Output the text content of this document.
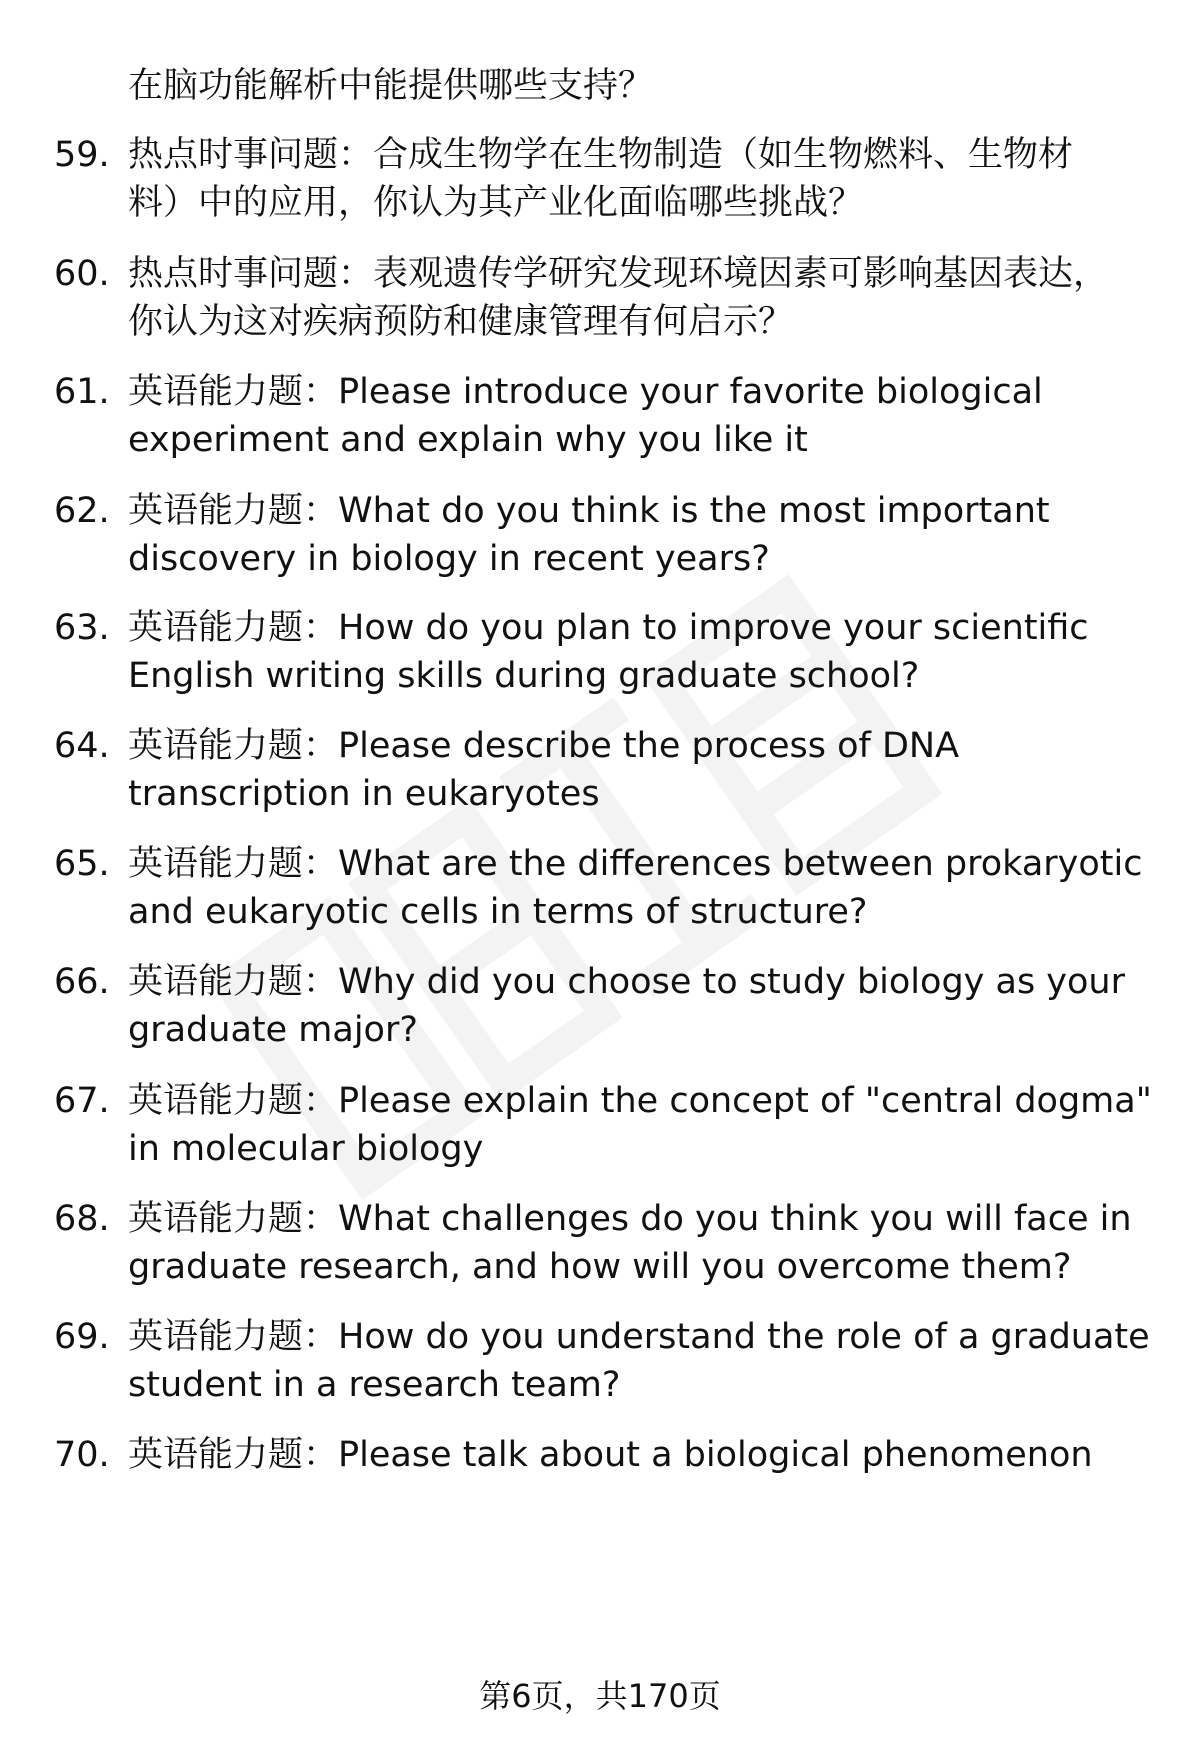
在脑功能解析中能提供哪些支持？
59. 热点时事问题：合成生物学在生物制造（如生物燃料、生物材
料）中的应用，你认为其产业化面临哪些挑战？
60. 热点时事问题：表观遗传学研究发现环境因素可影响基因表达，
你认为这对疾病预防和健康管理有何启示？
61. 英语能力题：Please introduce your favorite biological
experiment and explain why you like it
62. 英语能力题：What do you think is the most important
discovery in biology in recent years?
63. 英语能力题：How do you plan to improve your scientific
English writing skills during graduate school?
64. 英语能力题：Please describe the process of DNA
transcription in eukaryotes
65. 英语能力题：What are the differences between prokaryotic
and eukaryotic cells in terms of structure?
66. 英语能力题：Why did you choose to study biology as your
graduate major?
67. 英语能力题：Please explain the concept of "central dogma"
in molecular biology
68. 英语能力题：What challenges do you think you will face in
graduate research, and how will you overcome them?
69. 英语能力题：How do you understand the role of a graduate
student in a research team?
70. 英语能力题：Please talk about a biological phenomenon
第6页，共170页
